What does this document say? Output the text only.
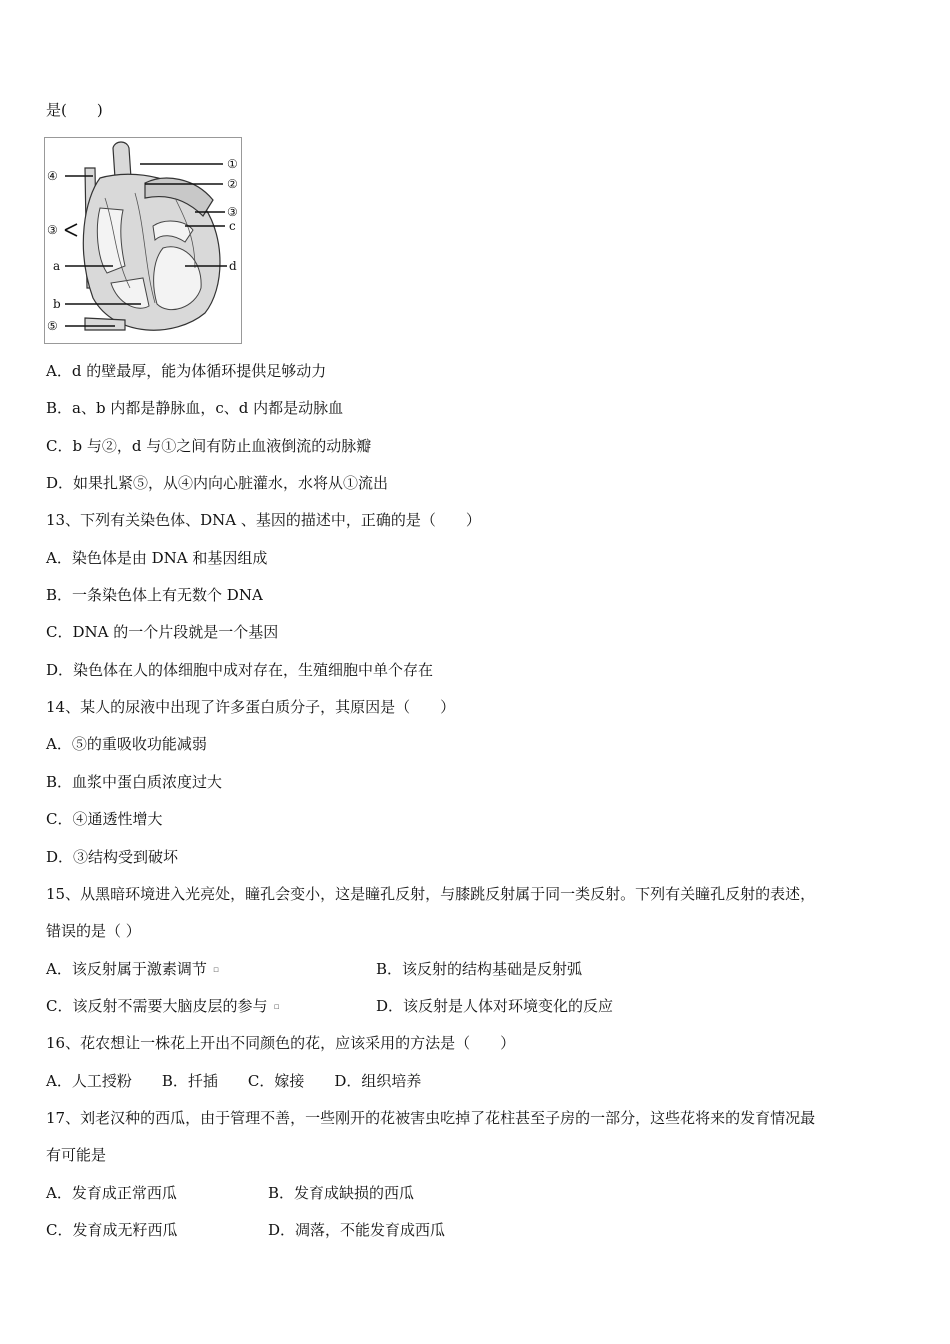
是(　　)
①
②
③
c
d
④
③
a
b
⑤
A．d 的壁最厚，能为体循环提供足够动力
B．a、b 内都是静脉血，c、d 内都是动脉血
C．b 与②，d 与①之间有防止血液倒流的动脉瓣
D．如果扎紧⑤，从④内向心脏灌水，水将从①流出
13、下列有关染色体、DNA 、基因的描述中，正确的是（　　）
A．染色体是由 DNA 和基因组成
B．一条染色体上有无数个 DNA
C．DNA 的一个片段就是一个基因
D．染色体在人的体细胞中成对存在，生殖细胞中单个存在
14、某人的尿液中出现了许多蛋白质分子，其原因是（　　）
A．⑤的重吸收功能减弱
B．血浆中蛋白质浓度过大
C．④通透性增大
D．③结构受到破坏
15、从黑暗环境进入光亮处，瞳孔会变小，这是瞳孔反射，与膝跳反射属于同一类反射。下列有关瞳孔反射的表述，
错误的是（ ）
A．该反射属于激素调节 ▫	B．该反射的结构基础是反射弧
C．该反射不需要大脑皮层的参与 ▫	D．该反射是人体对环境变化的反应
16、花农想让一株花上开出不同颜色的花，应该采用的方法是（　　）
A．人工授粉　　B．扦插　　C．嫁接　　D．组织培养
17、刘老汉种的西瓜，由于管理不善，一些刚开的花被害虫吃掉了花柱甚至子房的一部分，这些花将来的发育情况最
有可能是
A．发育成正常西瓜	B．发育成缺损的西瓜
C．发育成无籽西瓜	D．凋落，不能发育成西瓜
